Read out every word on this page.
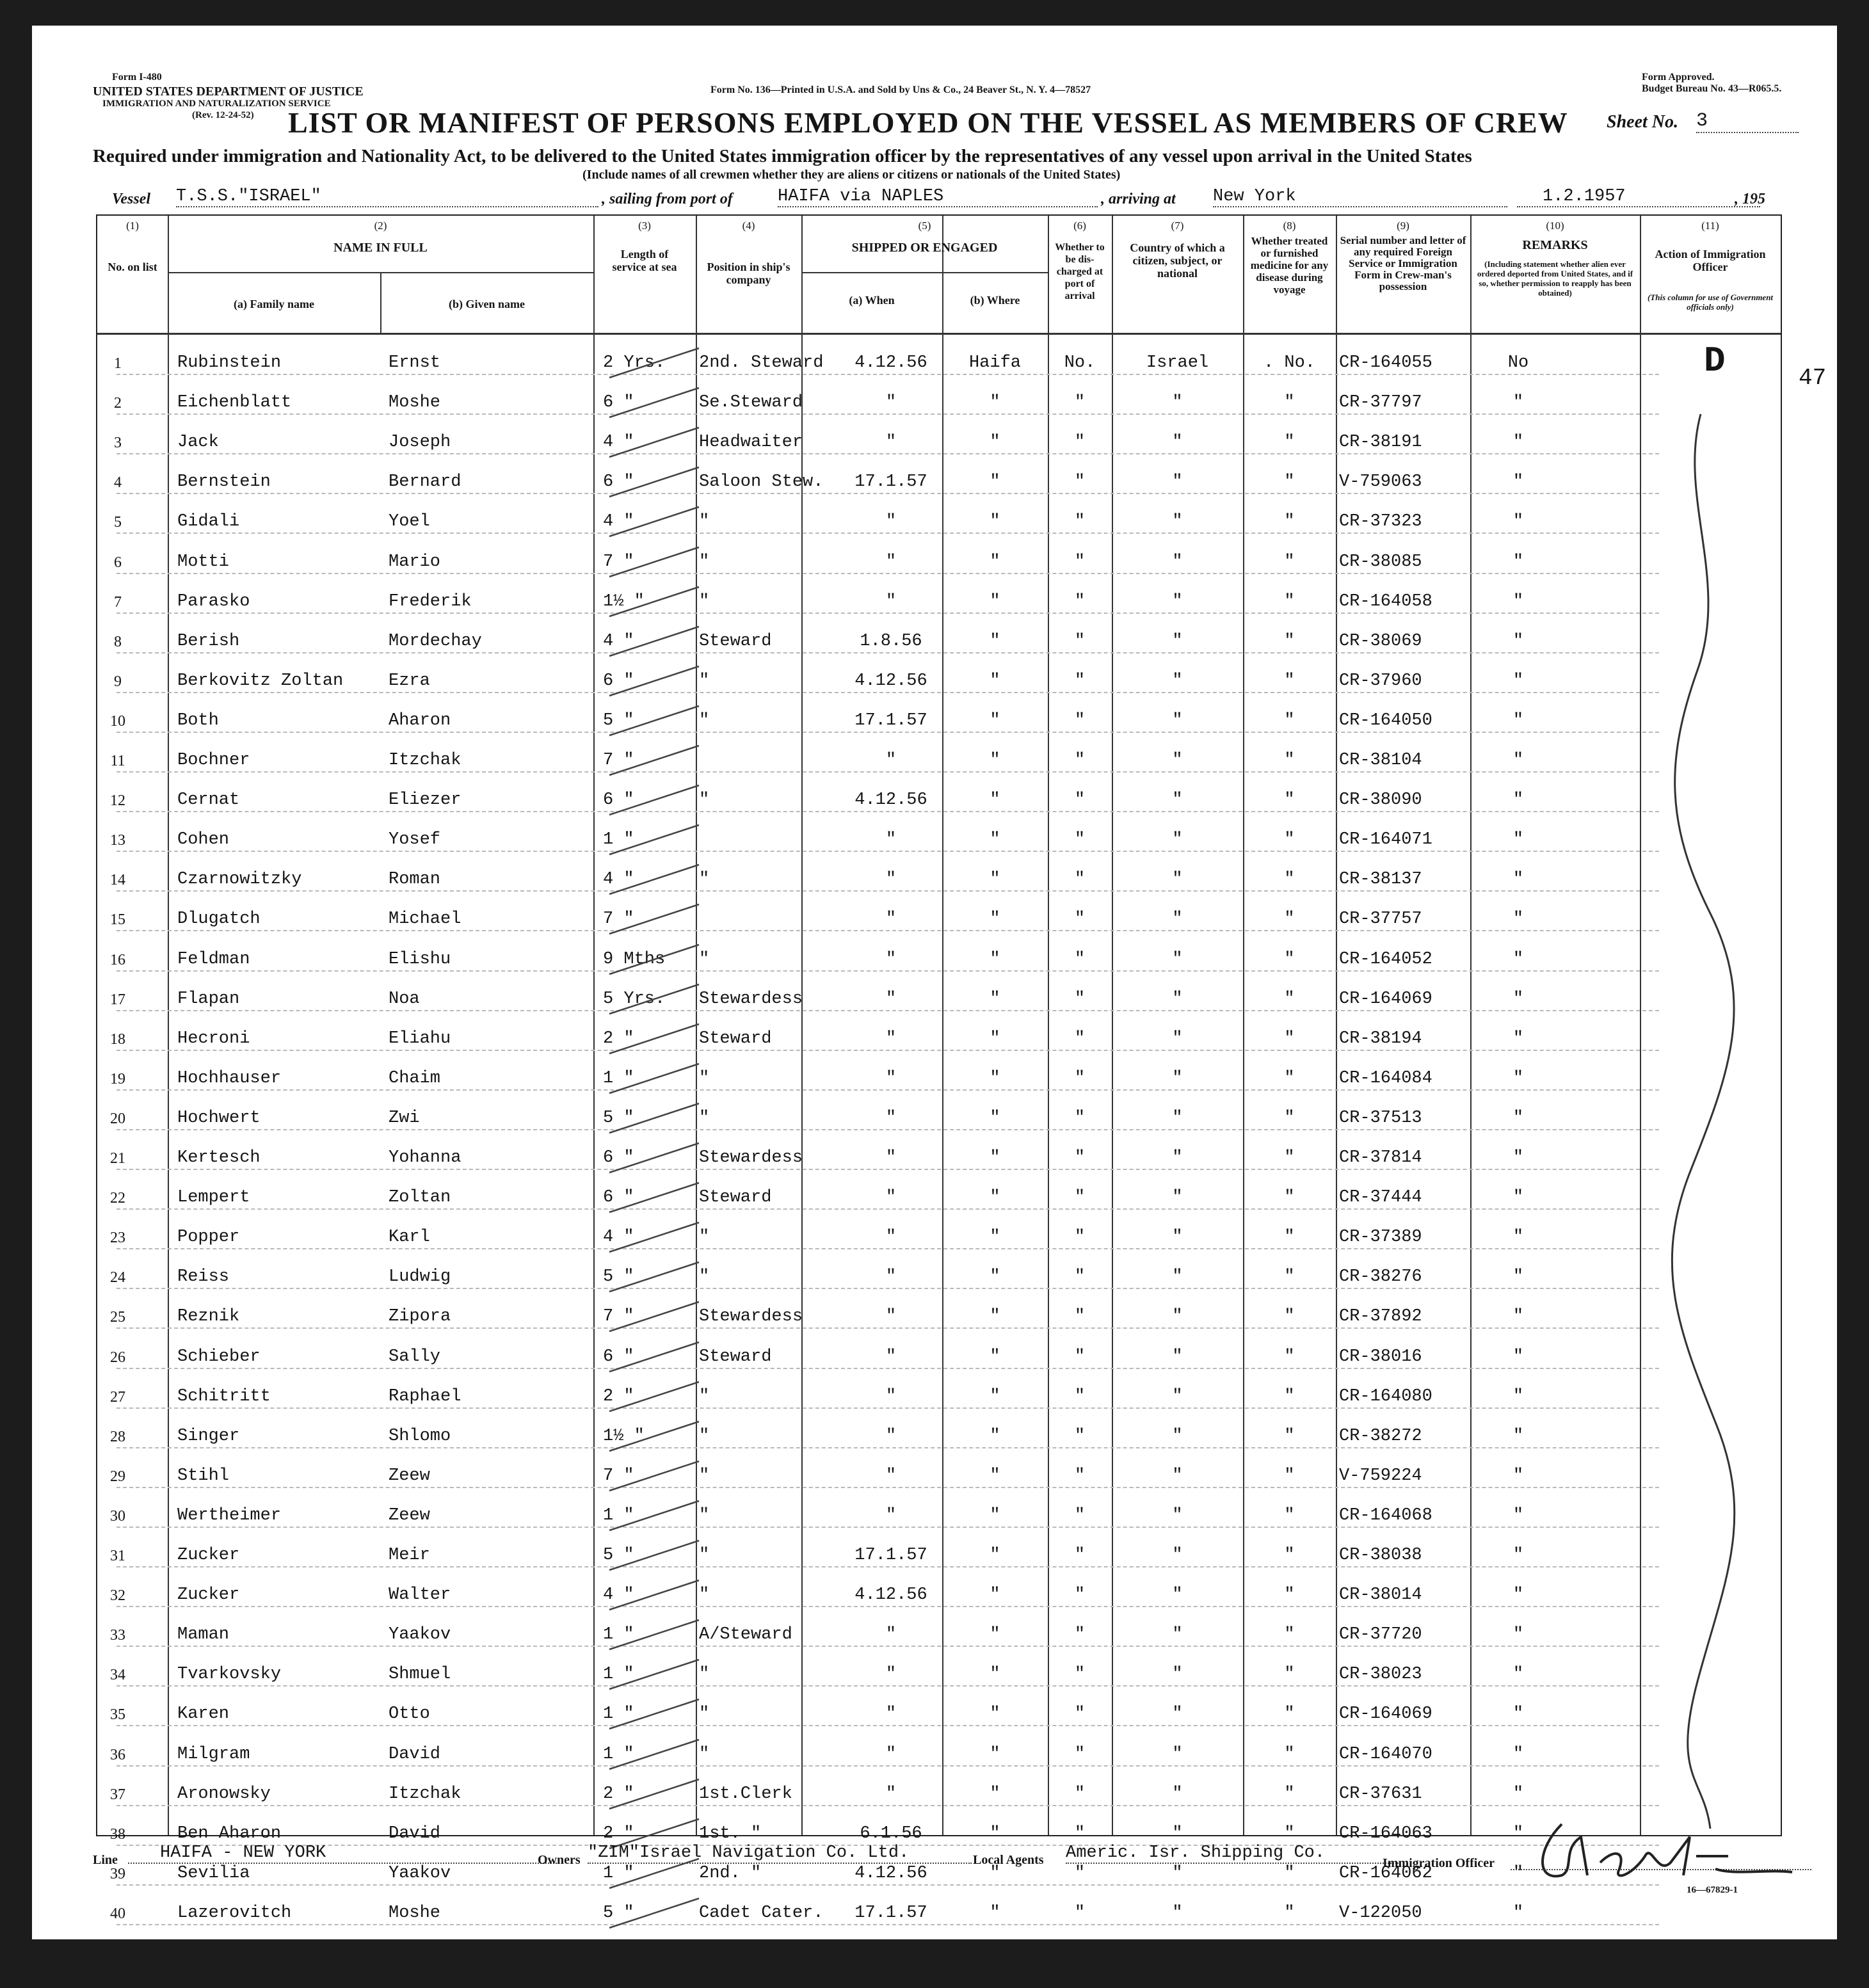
Form I-480
UNITED STATES DEPARTMENT OF JUSTICE
IMMIGRATION AND NATURALIZATION SERVICE
(Rev. 12-24-52)
Form No. 136—Printed in U.S.A. and Sold by Uns & Co., 24 Beaver St., N. Y. 4—78527
Form Approved.
Budget Bureau No. 43—R065.5.
LIST OR MANIFEST OF PERSONS EMPLOYED ON THE VESSEL AS MEMBERS OF CREW Sheet No. 3
Required under immigration and Nationality Act, to be delivered to the United States immigration officer by the representatives of any vessel upon arrival in the United States
(Include names of all crewmen whether they are aliens or citizens or nationals of the United States)
Vessel T.S.S."ISRAEL"	, sailing from port of	HAIFA via NAPLES	, arriving at New York	1.2.1957	, 195
(1)	(2)	(3)	(4)	(5)	(6)	(7)	(8)	(9)	(10)	(11)
No. on list
NAME IN FULL
(a) Family name	(b) Given name
Length of service at sea	Position in ship's company
SHIPPED OR ENGAGED
(a) When	(b) Where
Whether to be dis-charged at port of arrival
Country of which a citizen, subject, or national
Whether treated or furnished medicine for any disease during voyage
Serial number and letter of any required Foreign Service or Immigration Form in Crew-man's possession
REMARKS
(Including statement whether alien ever ordered deported from United States, and if so, whether permission to reapply has been obtained)
Action of Immigration Officer
(This column for use of Government officials only)
1	Rubinstein	Ernst	2 Yrs.	2nd. Steward	4.12.56	Haifa	No.	Israel	. No.	CR-164055	No
2	Eichenblatt	Moshe	6 "	Se.Steward	"	"	"	"	"	CR-37797	"
3	Jack	Joseph	4 "	Headwaiter	"	"	"	"	"	CR-38191	"
4	Bernstein	Bernard	6 "	Saloon Stew.	17.1.57	"	"	"	"	V-759063	"
5	Gidali	Yoel	4 "	"	"	"	"	"	"	CR-37323	"
6	Motti	Mario	7 "	"	"	"	"	"	"	CR-38085	"
7	Parasko	Frederik	1½ "	"	"	"	"	"	"	CR-164058	"
8	Berish	Mordechay	4 "	Steward	1.8.56	"	"	"	"	CR-38069	"
9	Berkovitz Zoltan	Ezra	6 "	"	4.12.56	"	"	"	"	CR-37960	"
10	Both	Aharon	5 "	"	17.1.57	"	"	"	"	CR-164050	"
11	Bochner	Itzchak	7 "	"	"	"	"	"	CR-38104	"
12	Cernat	Eliezer	6 "	"	4.12.56	"	"	"	"	CR-38090	"
13	Cohen	Yosef	1 "	"	"	"	"	"	CR-164071	"
14	Czarnowitzky	Roman	4 "	"	"	"	"	"	"	CR-38137	"
15	Dlugatch	Michael	7 "	"	"	"	"	"	CR-37757	"
16	Feldman	Elishu	9 Mths	"	"	"	"	"	"	CR-164052	"
17	Flapan	Noa	5 Yrs.	Stewardess	"	"	"	"	"	CR-164069	"
18	Hecroni	Eliahu	2 "	Steward	"	"	"	"	"	CR-38194	"
19	Hochhauser	Chaim	1 "	"	"	"	"	"	"	CR-164084	"
20	Hochwert	Zwi	5 "	"	"	"	"	"	"	CR-37513	"
21	Kertesch	Yohanna	6 "	Stewardess	"	"	"	"	"	CR-37814	"
22	Lempert	Zoltan	6 "	Steward	"	"	"	"	"	CR-37444	"
23	Popper	Karl	4 "	"	"	"	"	"	"	CR-37389	"
24	Reiss	Ludwig	5 "	"	"	"	"	"	"	CR-38276	"
25	Reznik	Zipora	7 "	Stewardess	"	"	"	"	"	CR-37892	"
26	Schieber	Sally	6 "	Steward	"	"	"	"	"	CR-38016	"
27	Schitritt	Raphael	2 "	"	"	"	"	"	"	CR-164080	"
28	Singer	Shlomo	1½ "	"	"	"	"	"	"	CR-38272	"
29	Stihl	Zeew	7 "	"	"	"	"	"	"	V-759224	"
30	Wertheimer	Zeew	1 "	"	"	"	"	"	"	CR-164068	"
31	Zucker	Meir	5 "	"	17.1.57	"	"	"	"	CR-38038	"
32	Zucker	Walter	4 "	"	4.12.56	"	"	"	"	CR-38014	"
33	Maman	Yaakov	1 "	A/Steward	"	"	"	"	"	CR-37720	"
34	Tvarkovsky	Shmuel	1 "	"	"	"	"	"	"	CR-38023	"
35	Karen	Otto	1 "	"	"	"	"	"	"	CR-164069	"
36	Milgram	David	1 "	"	"	"	"	"	"	CR-164070	"
37	Aronowsky	Itzchak	2 "	1st.Clerk	"	"	"	"	"	CR-37631	"
38	Ben Aharon	David	2 "	1st. "	6.1.56	"	"	"	"	CR-164063	"
39	Sevilia	Yaakov	1 "	2nd. "	4.12.56	"	"	"	"	CR-164062	"
40	Lazerovitch	Moshe	5 "	Cadet Cater.	17.1.57	"	"	"	"	V-122050	"
D	47
Line	HAIFA - NEW YORK	Owners "ZIM"Israel Navigation Co. Ltd.	Local Agents Americ. Isr. Shipping Co.
Immigration Officer
16—67829-1
